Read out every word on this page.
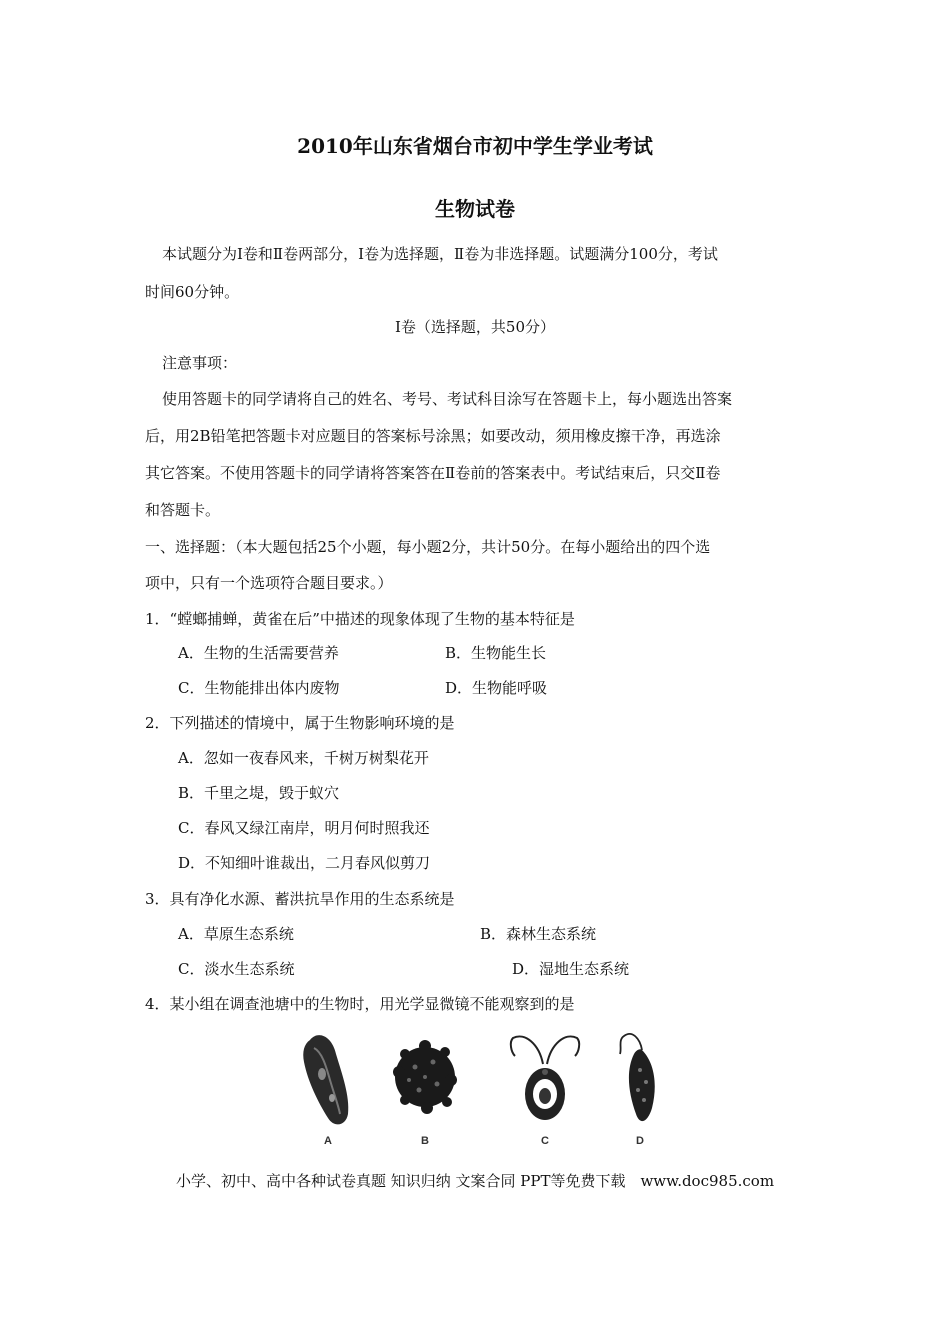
2010年山东省烟台市初中学生学业考试
生物试卷
本试题分为Ⅰ卷和Ⅱ卷两部分，Ⅰ卷为选择题，Ⅱ卷为非选择题。试题满分100分，考试
时间60分钟。
Ⅰ卷（选择题，共50分）
注意事项：
使用答题卡的同学请将自己的姓名、考号、考试科目涂写在答题卡上，每小题选出答案
后，用2B铅笔把答题卡对应题目的答案标号涂黑；如要改动，须用橡皮擦干净，再选涂
其它答案。不使用答题卡的同学请将答案答在Ⅱ卷前的答案表中。考试结束后，只交Ⅱ卷
和答题卡。
一、选择题：（本大题包括25个小题，每小题2分，共计50分。在每小题给出的四个选
项中，只有一个选项符合题目要求。）
1．“螳螂捕蝉，黄雀在后”中描述的现象体现了生物的基本特征是
A．生物的生活需要营养	B．生物能生长
C．生物能排出体内废物	D．生物能呼吸
2．下列描述的情境中，属于生物影响环境的是
A．忽如一夜春风来，千树万树梨花开
B．千里之堤，毁于蚁穴
C．春风又绿江南岸，明月何时照我还
D．不知细叶谁裁出，二月春风似剪刀
3．具有净化水源、蓄洪抗旱作用的生态系统是
A．草原生态系统	B．森林生态系统
C．淡水生态系统	D．湿地生态系统
4．某小组在调查池塘中的生物时，用光学显微镜不能观察到的是
A	B	C	D
小学、初中、高中各种试卷真题 知识归纳 文案合同 PPT等免费下载　www.doc985.com
